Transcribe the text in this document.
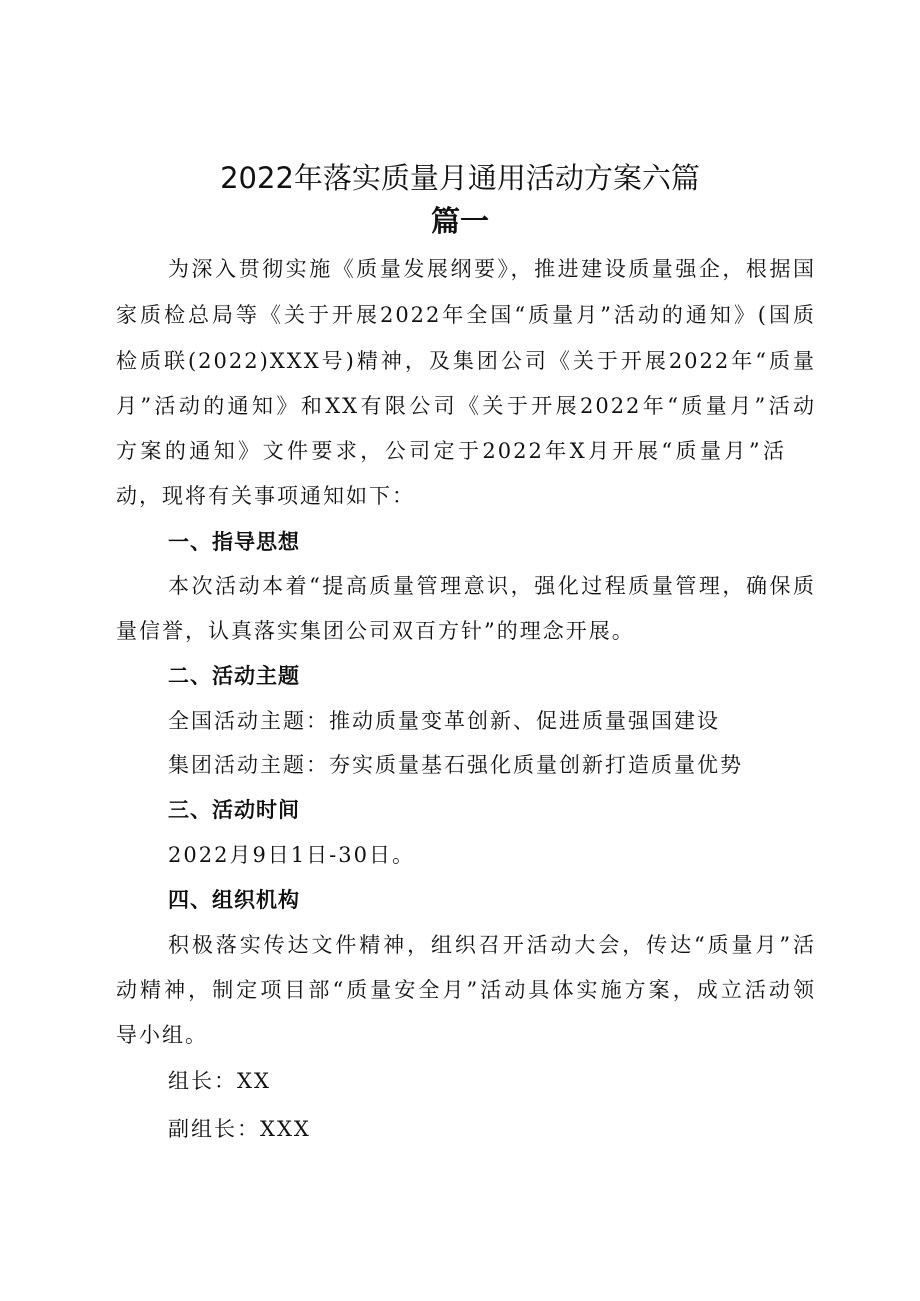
2022年落实质量月通用活动方案六篇
篇一
为深入贯彻实施《质量发展纲要》，推进建设质量强企，根据国
家质检总局等《关于开展2022年全国“质量月”活动的通知》(国质
检质联(2022)XXX号)精神，及集团公司《关于开展2022年“质量
月”活动的通知》和XX有限公司《关于开展2022年“质量月”活动
方案的通知》文件要求，公司定于2022年X月开展“质量月”活
动，现将有关事项通知如下：
一、指导思想
本次活动本着“提高质量管理意识，强化过程质量管理，确保质
量信誉，认真落实集团公司双百方针”的理念开展。
二、活动主题
全国活动主题：推动质量变革创新、促进质量强国建设
集团活动主题：夯实质量基石强化质量创新打造质量优势
三、活动时间
2022月9日1日-30日。
四、组织机构
积极落实传达文件精神，组织召开活动大会，传达“质量月”活
动精神，制定项目部“质量安全月”活动具体实施方案，成立活动领
导小组。
组长：XX
副组长：XXX
